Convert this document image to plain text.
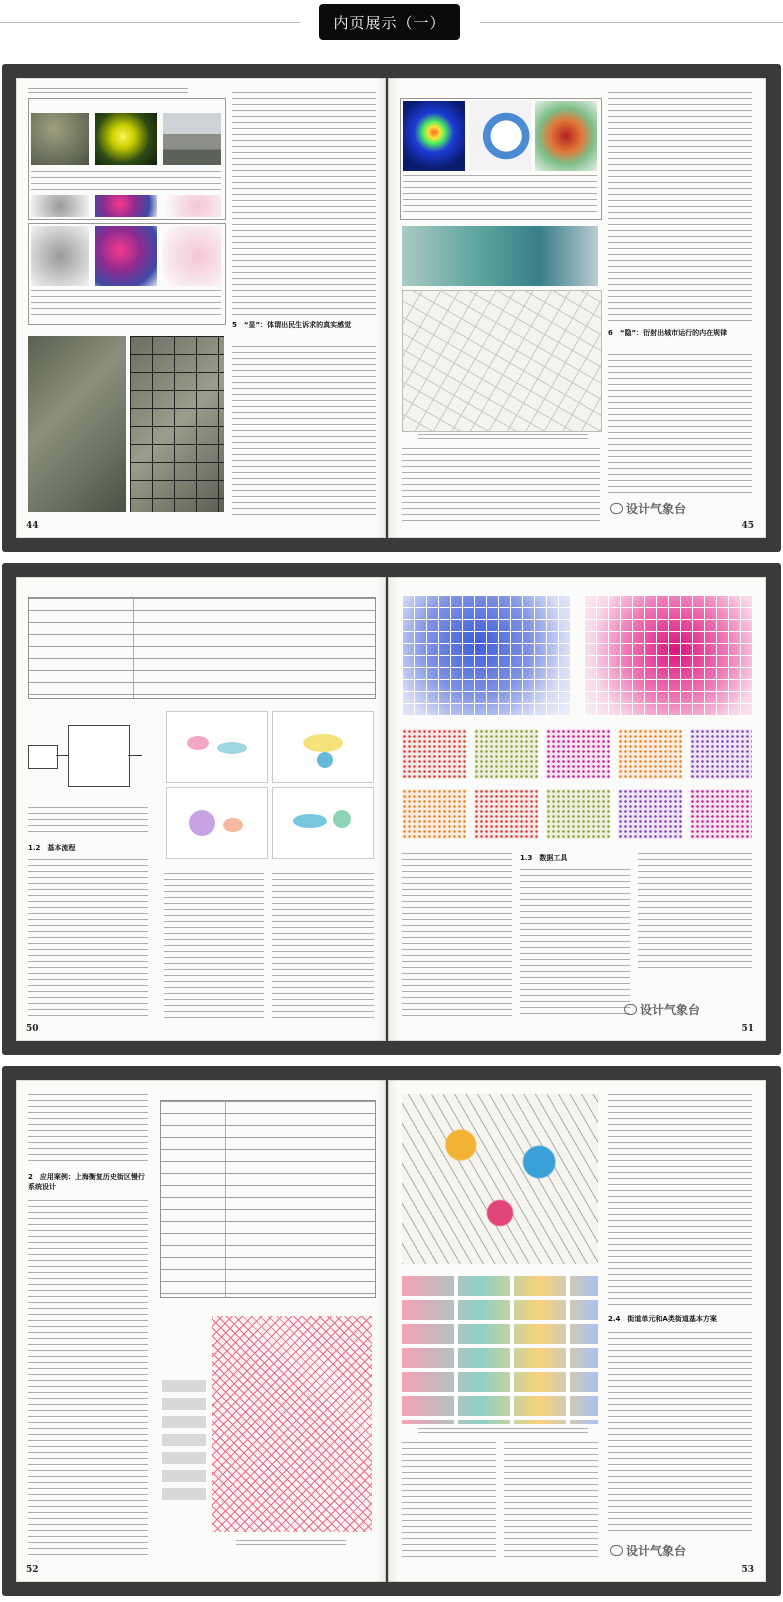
内页展示（一）
5　“显”：体谓出民生诉求的真实感觉
44
6　“隐”：衍射出城市运行的内在规律
设计气象台
45
1.2　基本流程
50
1.3　数据工具
设计气象台
51
2　应用案例：上海衡复历史街区慢行系统设计
52
2.4　街道单元和A类街道基本方案
设计气象台
53
